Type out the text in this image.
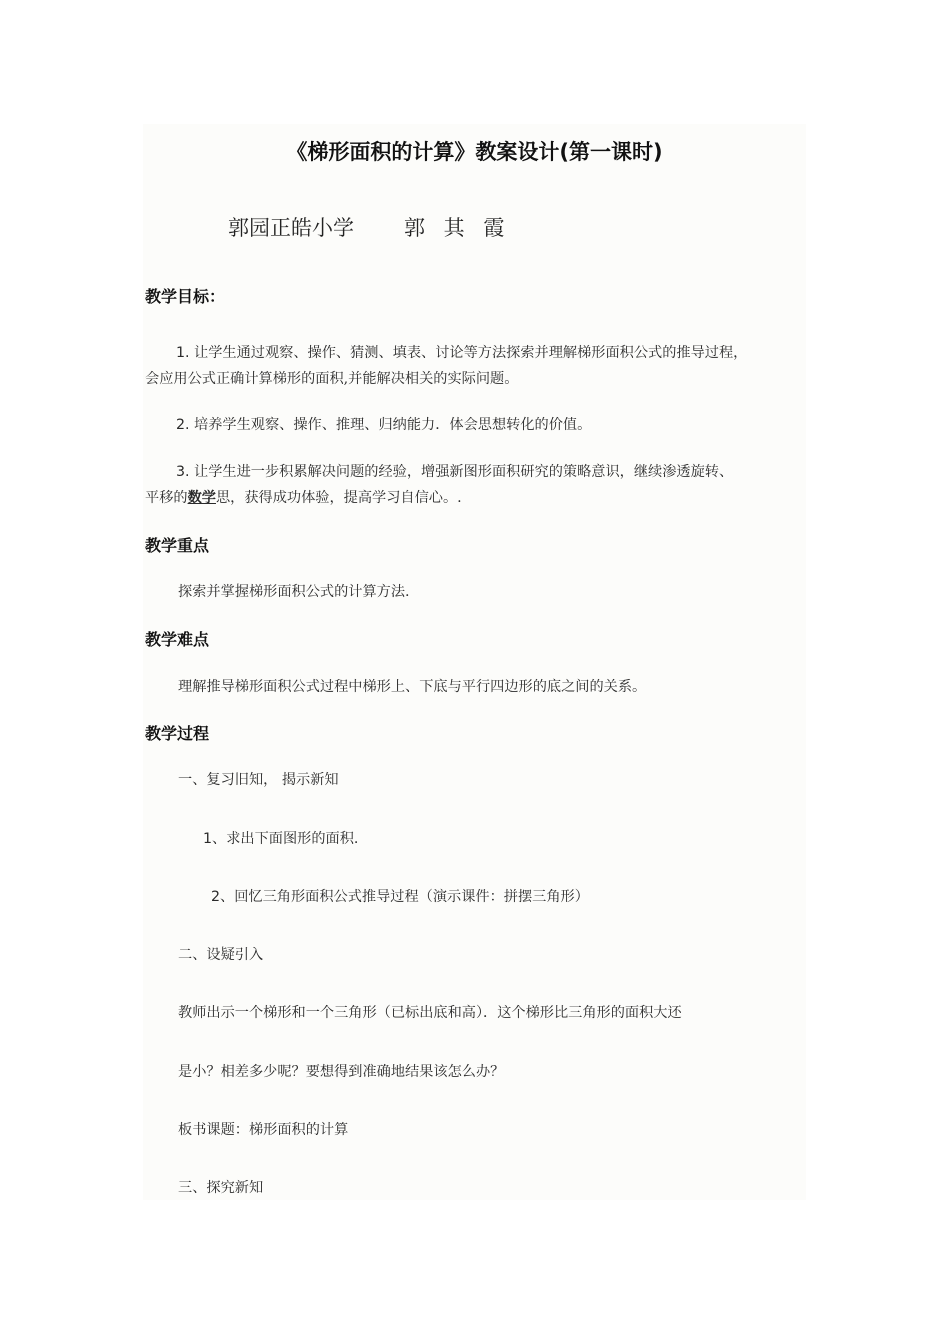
《梯形面积的计算》教案设计(第一课时)
郭园正皓小学 郭 其 霞
教学目标：
1. 让学生通过观察、操作、猜测、填表、讨论等方法探索并理解梯形面积公式的推导过程，
会应用公式正确计算梯形的面积,并能解决相关的实际问题。
2. 培养学生观察、操作、推理、归纳能力．体会思想转化的价值。
3. 让学生进一步积累解决问题的经验，增强新图形面积研究的策略意识，继续渗透旋转、
平移的数学思，获得成功体验，提高学习自信心。.
教学重点
探索并掌握梯形面积公式的计算方法.
教学难点
理解推导梯形面积公式过程中梯形上、下底与平行四边形的底之间的关系。
教学过程
一、复习旧知， 揭示新知
1、求出下面图形的面积.
2、回忆三角形面积公式推导过程（演示课件：拼摆三角形）
二、设疑引入
教师出示一个梯形和一个三角形（已标出底和高）．这个梯形比三角形的面积大还
是小？相差多少呢？要想得到准确地结果该怎么办？
板书课题：梯形面积的计算
三、探究新知
